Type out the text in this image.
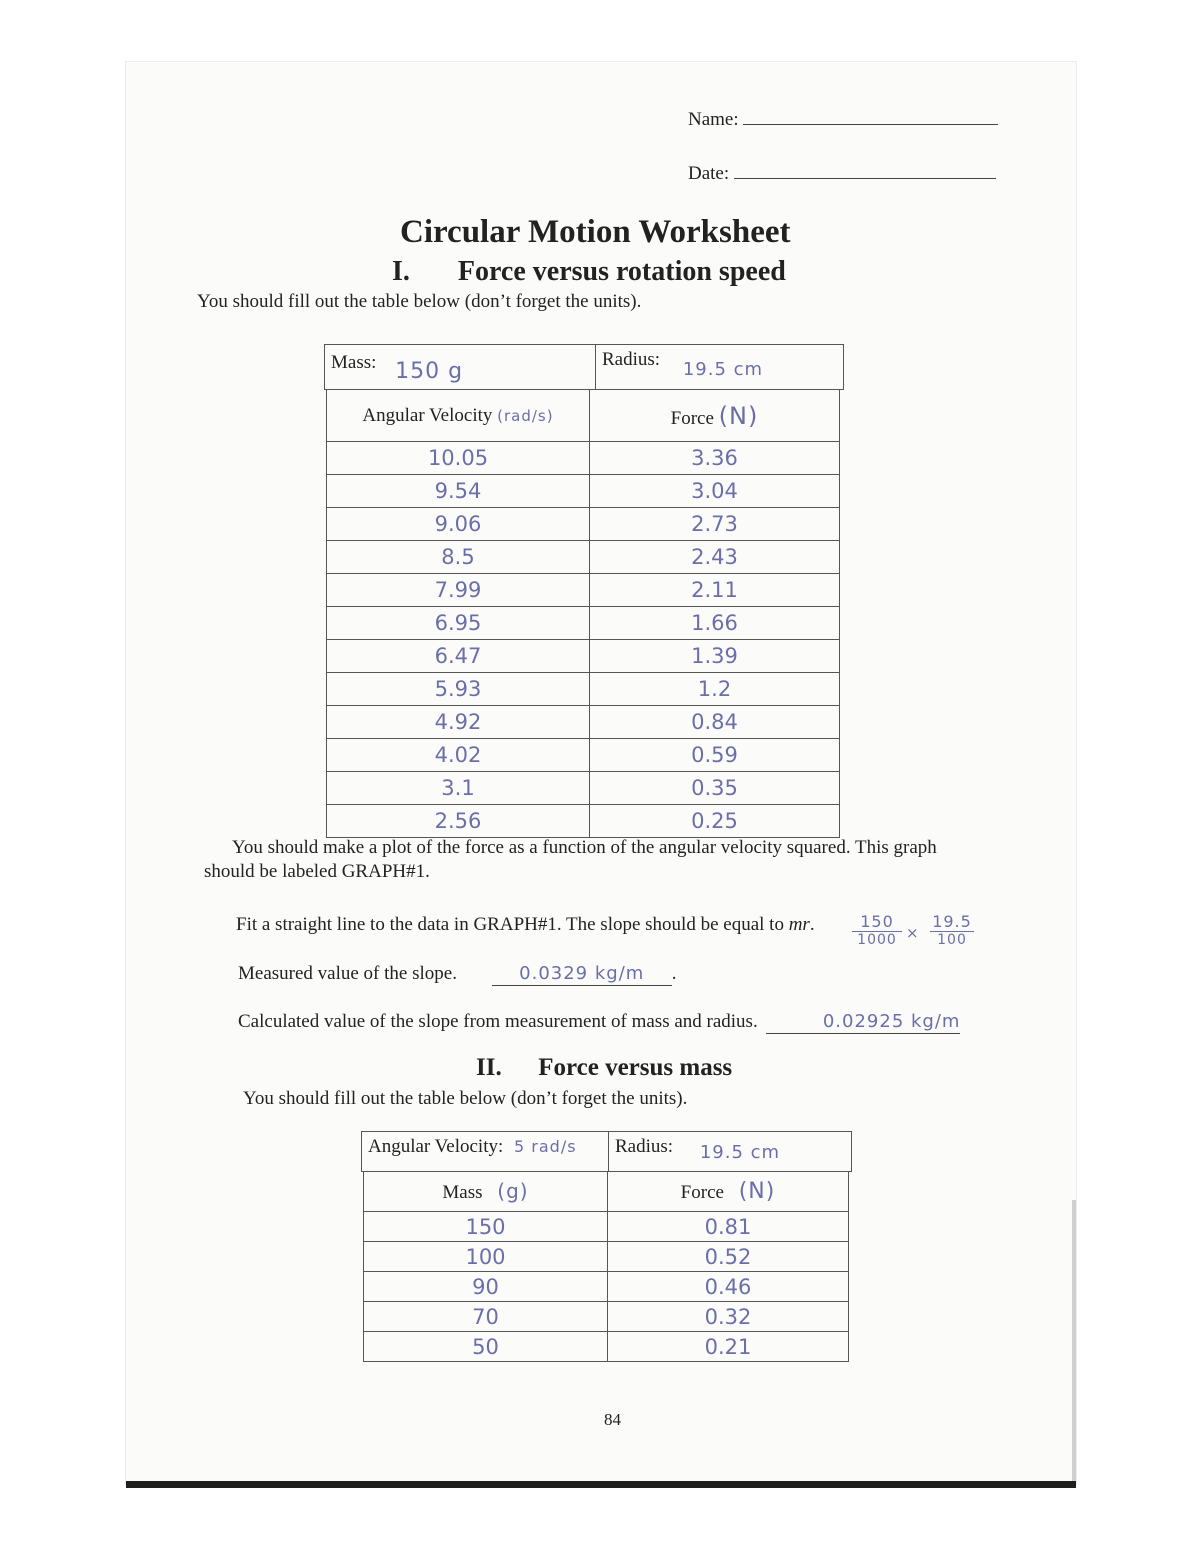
Name:
Date:
Circular Motion Worksheet
I. Force versus rotation speed
You should fill out the table below (don’t forget the units).
Mass: 150 g	Radius: 19.5 cm
Angular Velocity (rad/s)	Force (N)
10.05	3.36
9.54	3.04
9.06	2.73
8.5	2.43
7.99	2.11
6.95	1.66
6.47	1.39
5.93	1.2
4.92	0.84
4.02	0.59
3.1	0.35
2.56	0.25
You should make a plot of the force as a function of the angular velocity squared. This graph should be labeled GRAPH#1.
Fit a straight line to the data in GRAPH#1. The slope should be equal to mr. $\frac{150}{1000} \times \frac{19.5}{100}$
Measured value of the slope.	0.0329 kg/m .
Calculated value of the slope from measurement of mass and radius.	0.02925 kg/m
II. Force versus mass
You should fill out the table below (don’t forget the units).
Angular Velocity: 5 rad/s	Radius: 19.5 cm
Mass (g)	Force (N)
150	0.81
100	0.52
90	0.46
70	0.32
50	0.21
84
